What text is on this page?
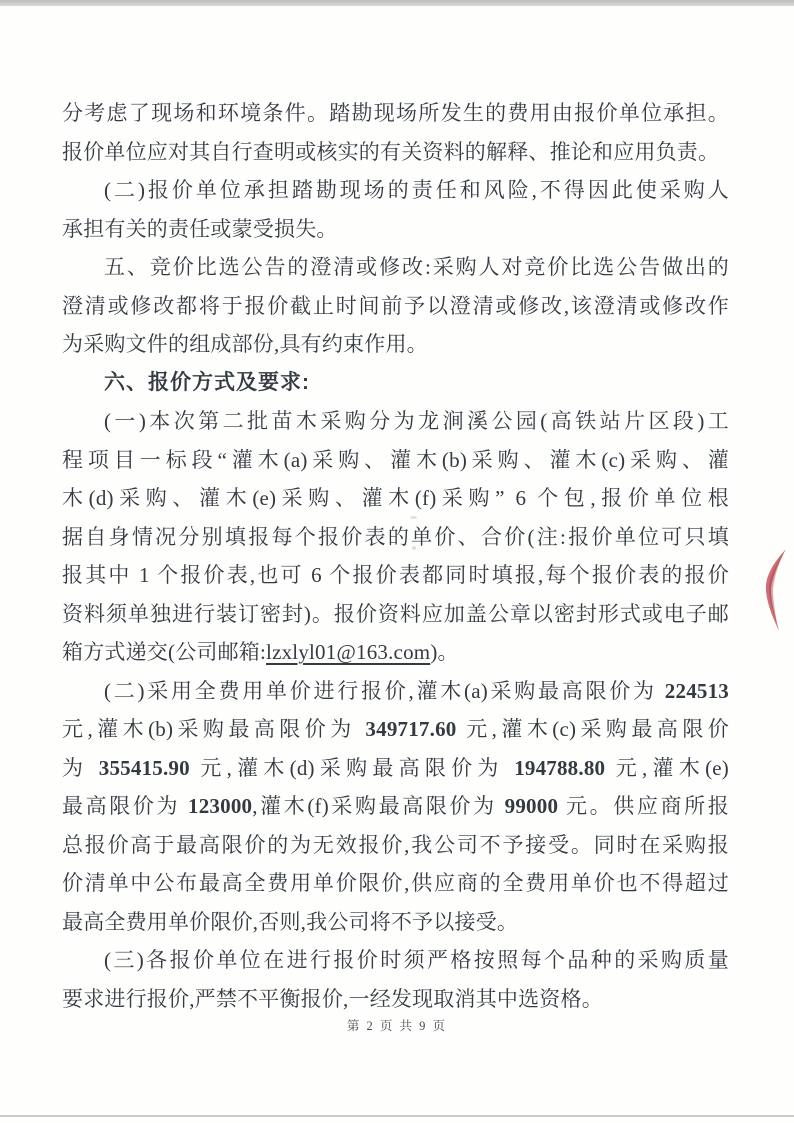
分考虑了现场和环境条件。踏勘现场所发生的费用由报价单位承担。
报价单位应对其自行查明或核实的有关资料的解释、推论和应用负责。
(二)报价单位承担踏勘现场的责任和风险,不得因此使采购人
承担有关的责任或蒙受损失。
五、竞价比选公告的澄清或修改:采购人对竞价比选公告做出的
澄清或修改都将于报价截止时间前予以澄清或修改,该澄清或修改作
为采购文件的组成部份,具有约束作用。
六、报价方式及要求:
(一)本次第二批苗木采购分为龙涧溪公园(高铁站片区段)工
程项目一标段“灌木(a)采购、灌木(b)采购、灌木(c)采购、灌
木(d)采购、灌木(e)采购、灌木(f)采购” 6 个包,报价单位根
据自身情况分别填报每个报价表的单价、合价(注:报价单位可只填
报其中 1 个报价表,也可 6 个报价表都同时填报,每个报价表的报价
资料须单独进行装订密封)。报价资料应加盖公章以密封形式或电子邮
箱方式递交(公司邮箱:lzxlyl01@163.com)。
(二)采用全费用单价进行报价,灌木(a)采购最高限价为 224513
元,灌木(b)采购最高限价为 349717.60 元,灌木(c)采购最高限价
为 355415.90 元,灌木(d)采购最高限价为 194788.80 元,灌木(e)
最高限价为 123000,灌木(f)采购最高限价为 99000 元。供应商所报
总报价高于最高限价的为无效报价,我公司不予接受。同时在采购报
价清单中公布最高全费用单价限价,供应商的全费用单价也不得超过
最高全费用单价限价,否则,我公司将不予以接受。
(三)各报价单位在进行报价时须严格按照每个品种的采购质量
要求进行报价,严禁不平衡报价,一经发现取消其中选资格。
第 2 页 共 9 页
